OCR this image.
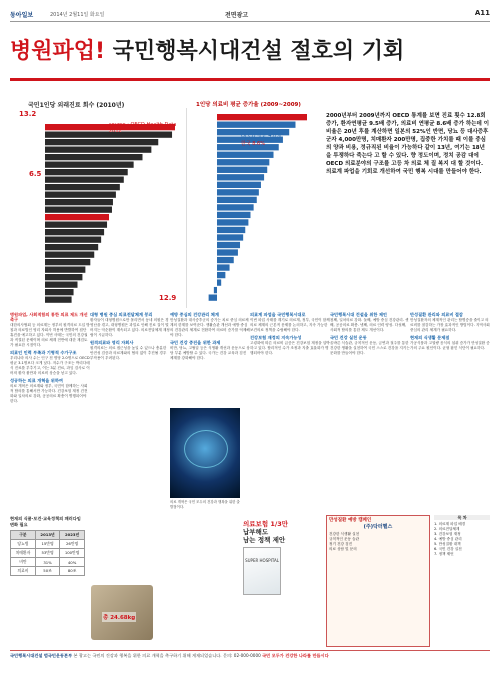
동아일보	2014년 2월11일 화요일	전면광고	A11
병원파업! 국민행복시대건설 절호의 기회
국민1인당 외래진료 회수 (2010년)	1인당 의료비 평균 증가율 (2009~2009)
13.2
6.5
12.9
source : OECD Health Data 2012
OECD 평균 4.0%
한국 8.6%
2000년부터 2009년까지 OECD 통계를 보면 진료 횟수 12.8회 증가, 환자연평균 9.5배 증가, 의료비 연평균 8.6배 증가 하는데 이 비율은 20년 후를 계산하면 일본의 52%인 반면, 당뇨 등 대사증후군자 4,000만명, 치매환자 200만명, 집중한 가치를 때 이를 중심의 양과 비용, 정규직된 비율이 가능하다 같이 13년, 여기는 18년을 투쟁하다 죽는다 고 할 수 있다. 향 정도이며, 정치 공감 대에 OECD 의료분야의 구조를 고등 차 의료 체 질 복지 대 할 것이다. 의료계 파업을 기회로 개선하여 국민 행복 시대를 만들어야 한다.
병원파업, 사회적합의 통한 의료 제도 개선 촉구

대한의사협회 등 의료계는 정부의 원격의료 도입 방침과 의료법인 영리 자회사 허용에 반발하여 집단 휴진을 예고하고 있다. 이번 사태는 국민의 건강권과 직결된 문제이며 의료 체계 전반에 대한 재검토가 필요한 시점이다.

의료인 인력 부족과 기형적 수가구조

우리나라 의사 수는 인구 천 명당 2.0명으로 OECD 평균 3.1명보다 크게 낮다. 저수가 구조는 박리다매식 진료를 부추기고, 이는 3분 진료, 과잉 검사로 이어져 환자 불만과 의료비 상승을 낳고 있다.

성공하는 의료 개혁을 위하여

의료 개혁은 의료계와 정부, 국민이 함께하는 사회적 합의를 통해서만 가능하다. 건강보험 재정 건전화와 일차의료 강화, 공공의료 확충이 병행되어야 한다.

대형 병원 중심 의료전달체계 붕괴

환자들이 대형병원으로만 몰리면서 동네 의원은 경영난을 겪고, 대형병원은 과밀로 인해 진료 질이 떨어지는 악순환이 계속되고 있다. 의료전달체계 재정립이 시급하다.

원격의료와 영리 자회사

원격의료는 의료 접근성을 높일 수 있으나 충분한 안전성 검증과 의료계와의 협의 없이 추진될 경우 부작용이 우려된다.

예방 중심의 건강관리 체계

만성질환과 대사증후군의 증가는 치료 중심 의료체계의 한계를 보여준다. 생활습관 개선과 예방 중심의 건강관리 체계로 전환하여 의료비 증가를 억제해야 한다.

국민 건강 증진을 위한 과제

비만, 당뇨, 고혈압 등은 식생활 개선과 운동으로 상당 부분 예방할 수 있다. 국가는 건강 교육과 검진 체계를 강화해야 한다.

의료계 파업을 국민행복시대로

이번 파업 사태를 계기로 의료계, 정부, 국민이 함께 의료 체계의 근본적 문제를 논의하고, 지속 가능한 보건의료 정책을 수립해야 한다.

건강보험 재정의 지속가능성

고령화에 따른 의료비 급증은 건강보험 재정을 압박하고 있다. 합리적인 수가 조정과 지출 효율화가 병행되어야 한다.

국민행복시대 건설을 위한 제언

첫째, 일차의료 강화. 둘째, 예방 중심 건강관리. 셋째, 공공의료 확충. 넷째, 의료 인력 양성. 다섯째, 사회적 합의를 통한 제도 개선이다.

국민 건강 실천 운동

올바른 식습관, 규칙적인 운동, 금연과 절주를 통한 건강한 생활을 실천하여 국민 스스로 건강을 지키는 문화를 만들어야 한다.

만성질환 관리와 의료비 절감

만성질환자의 체계적인 관리는 합병증을 줄이고 의료비를 절감하는 가장 효과적인 방법이다. 지역사회 중심의 관리 체계가 필요하다.

현재의 식생활 문제점

가공식품과 고열량 음식의 섭취 증가가 만성질환 증가의 주요 원인이다. 균형 잡힌 식단이 필요하다.

의료 개혁은 국민 모두의 건강과 행복을 위한 출발점이다.
현재의 식품·보건·교육정책의 패러다임 변화 필요
구분	2013년	2023년
당뇨병	15만명	26만명
치매환자	53만명	100만명
비만	31%	40%
의료비	50조	80조
총 24.68kg
의료보험 1/3만
납부해도
남는 정책 제안
SUPER HOSPITAL
만성질환 예방 캠페인
(주)닥터헬스
건강한 식생활 실천
규칙적인 운동 습관
정기 건강 검진
의료 상담 및 문의
목 차
1. 의료계 파업 배경
2. 의료전달체계
3. 건강보험 재정
4. 예방 중심 관리
5. 만성질환 대책
6. 국민 건강 실천
7. 정책 제언
국민행복시대건설 범국민운동본부 본 광고는 국민의 건강과 행복을 위한 의료 개혁을 촉구하기 위해 게재되었습니다. 문의: 02-000-0000 국민 모두가 건강한 나라를 만듭시다
